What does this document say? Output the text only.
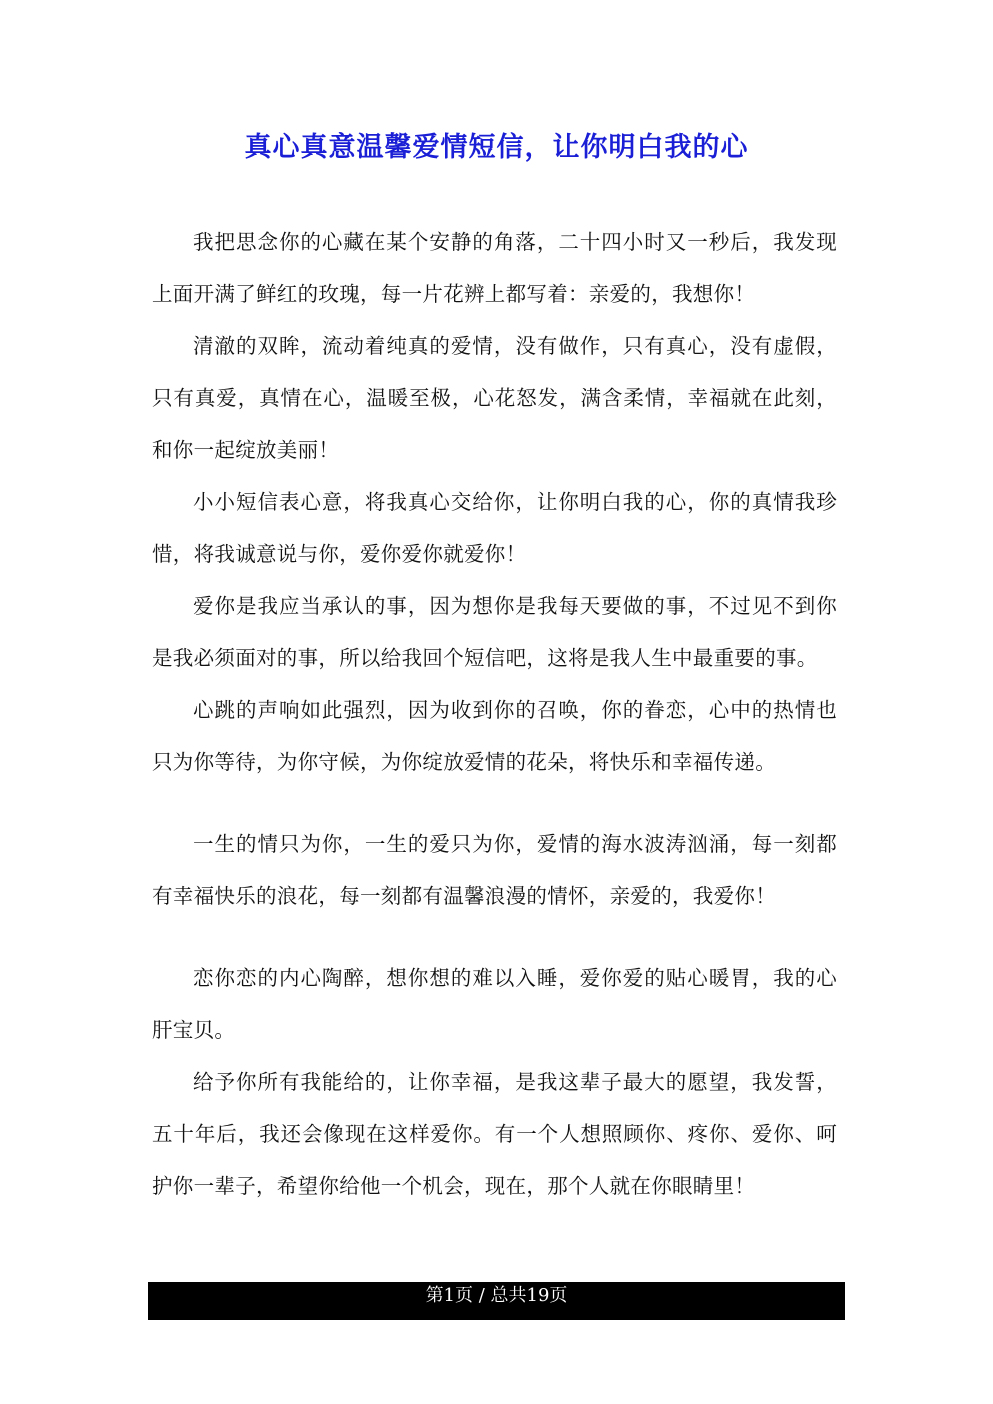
真心真意温馨爱情短信，让你明白我的心

我把思念你的心藏在某个安静的角落，二十四小时又一秒后，我发现上面开满了鲜红的玫瑰，每一片花辨上都写着：亲爱的，我想你！

清澈的双眸，流动着纯真的爱情，没有做作，只有真心，没有虚假，只有真爱，真情在心，温暖至极，心花怒发，满含柔情，幸福就在此刻，和你一起绽放美丽！

小小短信表心意，将我真心交给你，让你明白我的心，你的真情我珍惜，将我诚意说与你，爱你爱你就爱你！

爱你是我应当承认的事，因为想你是我每天要做的事，不过见不到你是我必须面对的事，所以给我回个短信吧，这将是我人生中最重要的事。

心跳的声响如此强烈，因为收到你的召唤，你的眷恋，心中的热情也只为你等待，为你守候，为你绽放爱情的花朵，将快乐和幸福传递。

一生的情只为你，一生的爱只为你，爱情的海水波涛汹涌，每一刻都有幸福快乐的浪花，每一刻都有温馨浪漫的情怀，亲爱的，我爱你！

恋你恋的内心陶醉，想你想的难以入睡，爱你爱的贴心暖胃，我的心肝宝贝。

给予你所有我能给的，让你幸福，是我这辈子最大的愿望，我发誓，五十年后，我还会像现在这样爱你。有一个人想照顾你、疼你、爱你、呵护你一辈子，希望你给他一个机会，现在，那个人就在你眼睛里！

第1页 / 总共19页
